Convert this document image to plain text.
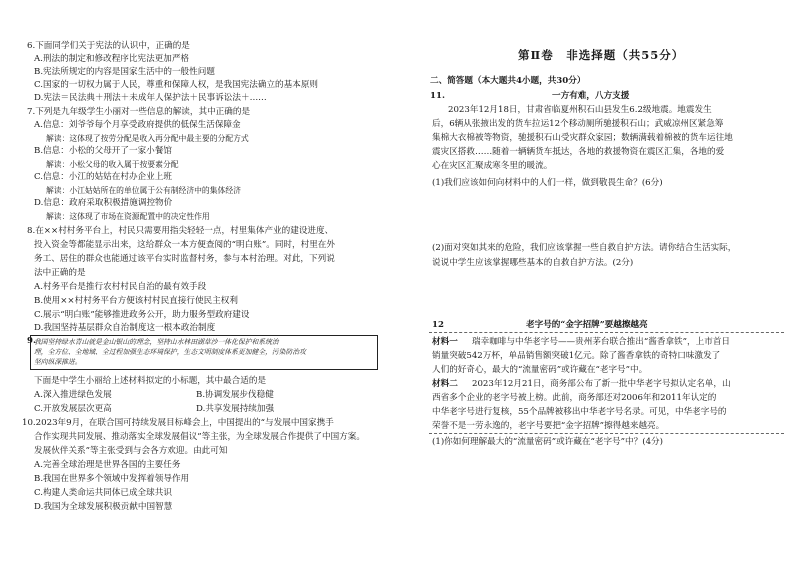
6.下面同学们关于宪法的认识中，正确的是
A.刑法的制定和修改程序比宪法更加严格
B.宪法所规定的内容是国家生活中的一般性问题
C.国家的一切权力属于人民，尊重和保障人权，是我国宪法确立的基本原则
D.宪法＝民法典＋刑法＋未成年人保护法＋民事诉讼法＋……
7.下列是九年级学生小丽对一些信息的解读，其中正确的是
A.信息：刘爷爷每个月享受政府提供的低保生活保障金
解读：这体现了按劳分配是收入再分配中最主要的分配方式
B.信息：小松的父母开了一家小餐馆
解读：小松父母的收入属于按要素分配
C.信息：小江的姑姑在村办企业上班
解读：小江姑姑所在的单位属于公有制经济中的集体经济
D.信息：政府采取积极措施调控物价
解读：这体现了市场在资源配置中的决定性作用
8.在××村村务平台上，村民只需要用指尖轻轻一点，村里集体产业的建设进度、
投入资金等都能显示出来，这给群众一本方便查阅的“明白账”。同时，村里在外
务工、居住的群众也能通过该平台实时监督村务，参与本村治理。对此，下列说
法中正确的是
A.村务平台是推行农村村民自治的最有效手段
B.使用××村村务平台方便该村村民直接行使民主权利
C.展示“明白账”能够推进政务公开，助力服务型政府建设
D.我国坚持基层群众自治制度这一根本政治制度
9.
我国坚持绿水青山就是金山银山的理念，坚持山水林田湖草沙一体化保护和系统治
理，全方位、全地域、全过程加强生态环境保护，生态文明制度体系更加健全，污染防治攻
坚向纵深推进。
下面是中学生小丽给上述材料拟定的小标题，其中最合适的是
A.深入推进绿色发展	B.协调发展步伐稳健
C.开放发展层次更高	D.共享发展持续加强
10.2023年9月，在联合国可持续发展目标峰会上，中国提出的“与发展中国家携手
合作实现共同发展、推动落实全球发展倡议”等主张，为全球发展合作提供了中国方案。
发展伙伴关系”等主张受到与会各方欢迎。由此可知
A.完善全球治理是世界各国的主要任务
B.我国在世界多个领域中发挥着领导作用
C.构建人类命运共同体已成全球共识
D.我国为全球发展积极贡献中国智慧
第Ⅱ卷　非选择题（共55分）
二、简答题（本大题共4小题，共30分）
11.	一方有难，八方支援
2023年12月18日，甘肃省临夏州积石山县发生6.2级地震。地震发生
后，6辆从张掖出发的货车拉运12个移动厕所驰援积石山；武威凉州区紧急筹
集棉大衣棉被等物资，驰援积石山受灾群众家园；数辆满载着棉被的货车运往地
震灾区搭救……随着一辆辆货车抵达，各地的救援物资在震区汇集，各地的爱
心在灾区汇聚成寒冬里的暖流。
(1)我们应该如何向材料中的人们一样，做到敬畏生命？(6分)
(2)面对突如其来的危险，我们应该掌握一些自救自护方法。请你结合生活实际，
说说中学生应该掌握哪些基本的自救自护方法。(2分)
12	老字号的“金字招牌”要越擦越亮
材料一 瑞幸咖啡与中华老字号——贵州茅台联合推出“酱香拿铁”，上市首日
销量突破542万杯，单品销售额突破1亿元。除了酱香拿铁的奇特口味激发了
人们的好奇心，最大的“流量密码”或许藏在“老字号”中。
材料二 2023年12月21日，商务部公布了新一批中华老字号拟认定名单，山
西省多个企业的老字号被上榜。此前，商务部还对2006年和2011年认定的
中华老字号进行复核，55个品牌被移出中华老字号名录。可见，中华老字号的
荣誉不是一劳永逸的，老字号要把“金字招牌”擦得越来越亮。
(1)你如何理解最大的“流量密码”或许藏在“老字号”中？(4分)
